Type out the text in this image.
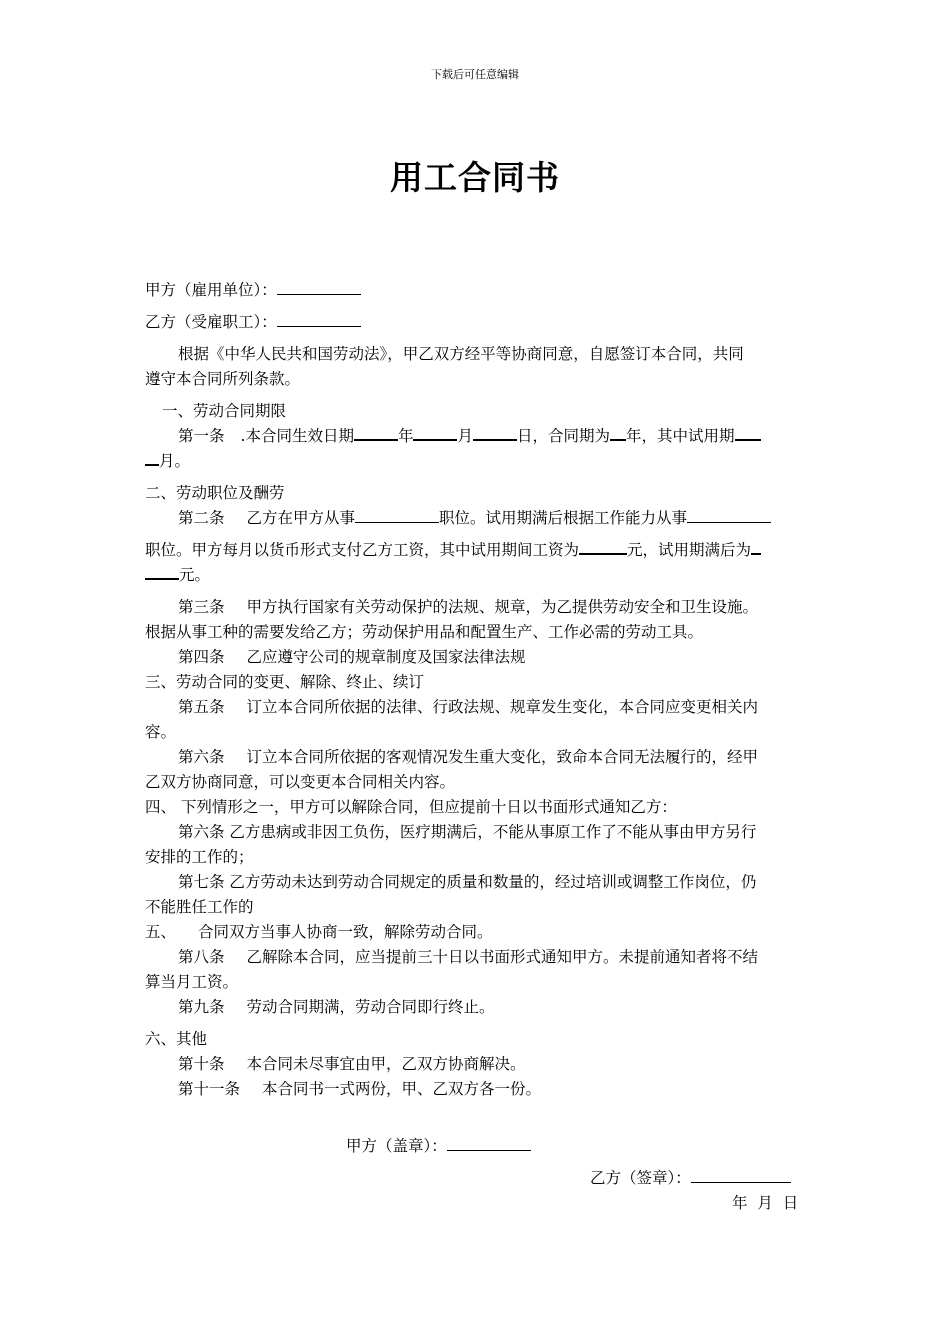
下载后可任意编辑
用工合同书
甲方（雇用单位）：
乙方（受雇职工）：
根据《中华人民共和国劳动法》，甲乙双方经平等协商同意，自愿签订本合同，共同
遵守本合同所列条款。
一、劳动合同期限
第一条 .本合同生效日期	年	月	日，合同期为 年，其中试用期
月。
二、劳动职位及酬劳
第二条 乙方在甲方从事	职位。试用期满后根据工作能力从事
职位。甲方每月以货币形式支付乙方工资，其中试用期间工资为	元，试用期满后为
元。
第三条 甲方执行国家有关劳动保护的法规、规章，为乙提供劳动安全和卫生设施。
根据从事工种的需要发给乙方；劳动保护用品和配置生产、工作必需的劳动工具。
第四条 乙应遵守公司的规章制度及国家法律法规
三、劳动合同的变更、解除、终止、续订
第五条 订立本合同所依据的法律、行政法规、规章发生变化，本合同应变更相关内
容。
第六条 订立本合同所依据的客观情况发生重大变化，致命本合同无法履行的，经甲
乙双方协商同意，可以变更本合同相关内容。
四、 下列情形之一，甲方可以解除合同，但应提前十日以书面形式通知乙方：
第六条 乙方患病或非因工负伤，医疗期满后，不能从事原工作了不能从事由甲方另行
安排的工作的；
第七条 乙方劳动未达到劳动合同规定的质量和数量的，经过培训或调整工作岗位，仍
不能胜任工作的
五、 合同双方当事人协商一致，解除劳动合同。
第八条 乙解除本合同，应当提前三十日以书面形式通知甲方。未提前通知者将不结
算当月工资。
第九条 劳动合同期满，劳动合同即行终止。
六、其他
第十条 本合同未尽事宜由甲，乙双方协商解决。
第十一条 本合同书一式两份，甲、乙双方各一份。
甲方（盖章）：
乙方（签章）：
年  月  日
